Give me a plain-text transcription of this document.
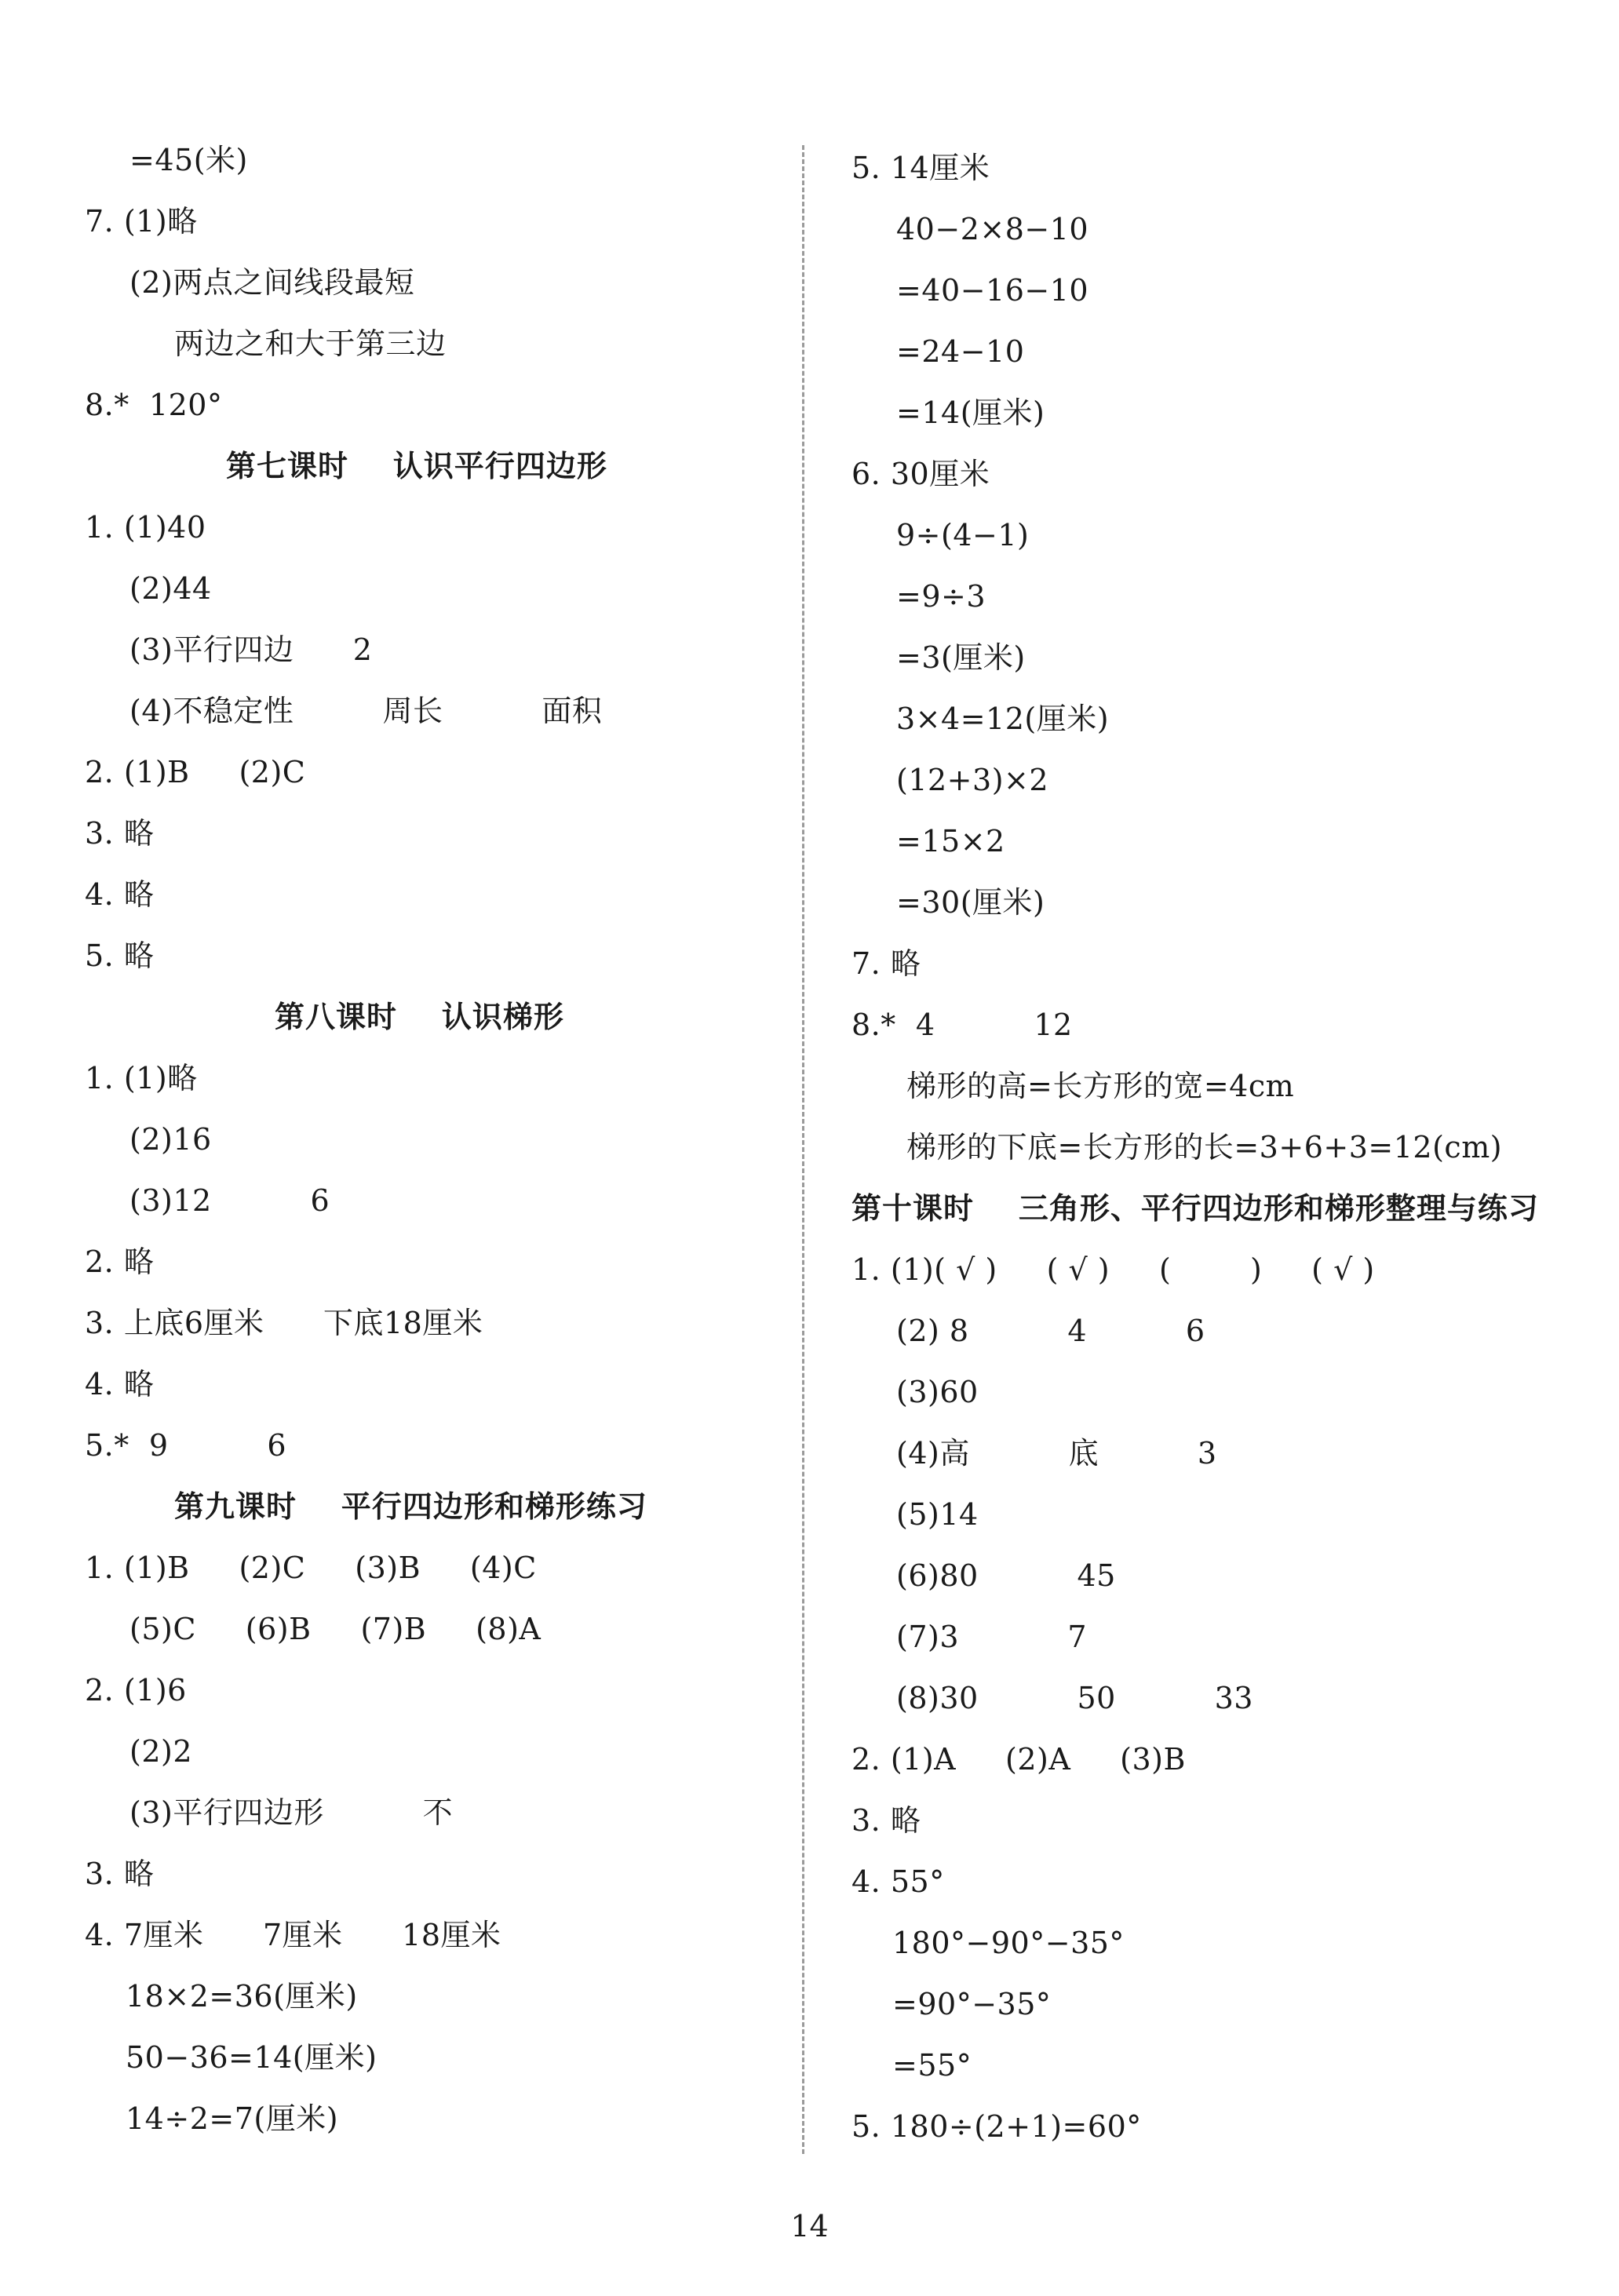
=45(米)
7. (1)略
(2)两点之间线段最短
两边之和大于第三边
8.*  120°
第七课时    认识平行四边形
1. (1)40
(2)44
(3)平行四边      2
(4)不稳定性         周长          面积
2. (1)B     (2)C
3. 略
4. 略
5. 略
第八课时    认识梯形
1. (1)略
(2)16
(3)12          6
2. 略
3. 上底6厘米      下底18厘米
4. 略
5.*  9          6
第九课时    平行四边形和梯形练习
1. (1)B     (2)C     (3)B     (4)C
(5)C     (6)B     (7)B     (8)A
2. (1)6
(2)2
(3)平行四边形          不
3. 略
4. 7厘米      7厘米      18厘米
18×2=36(厘米)
50−36=14(厘米)
14÷2=7(厘米)
5. 14厘米
40−2×8−10
=40−16−10
=24−10
=14(厘米)
6. 30厘米
9÷(4−1)
=9÷3
=3(厘米)
3×4=12(厘米)
(12+3)×2
=15×2
=30(厘米)
7. 略
8.*  4          12
梯形的高=长方形的宽=4cm
梯形的下底=长方形的长=3+6+3=12(cm)
第十课时    三角形、平行四边形和梯形整理与练习
1. (1)( √ )     ( √ )     (        )     ( √ )
(2) 8          4          6
(3)60
(4)高          底          3
(5)14
(6)80          45
(7)3           7
(8)30          50          33
2. (1)A     (2)A     (3)B
3. 略
4. 55°
180°−90°−35°
=90°−35°
=55°
5. 180÷(2+1)=60°
14
